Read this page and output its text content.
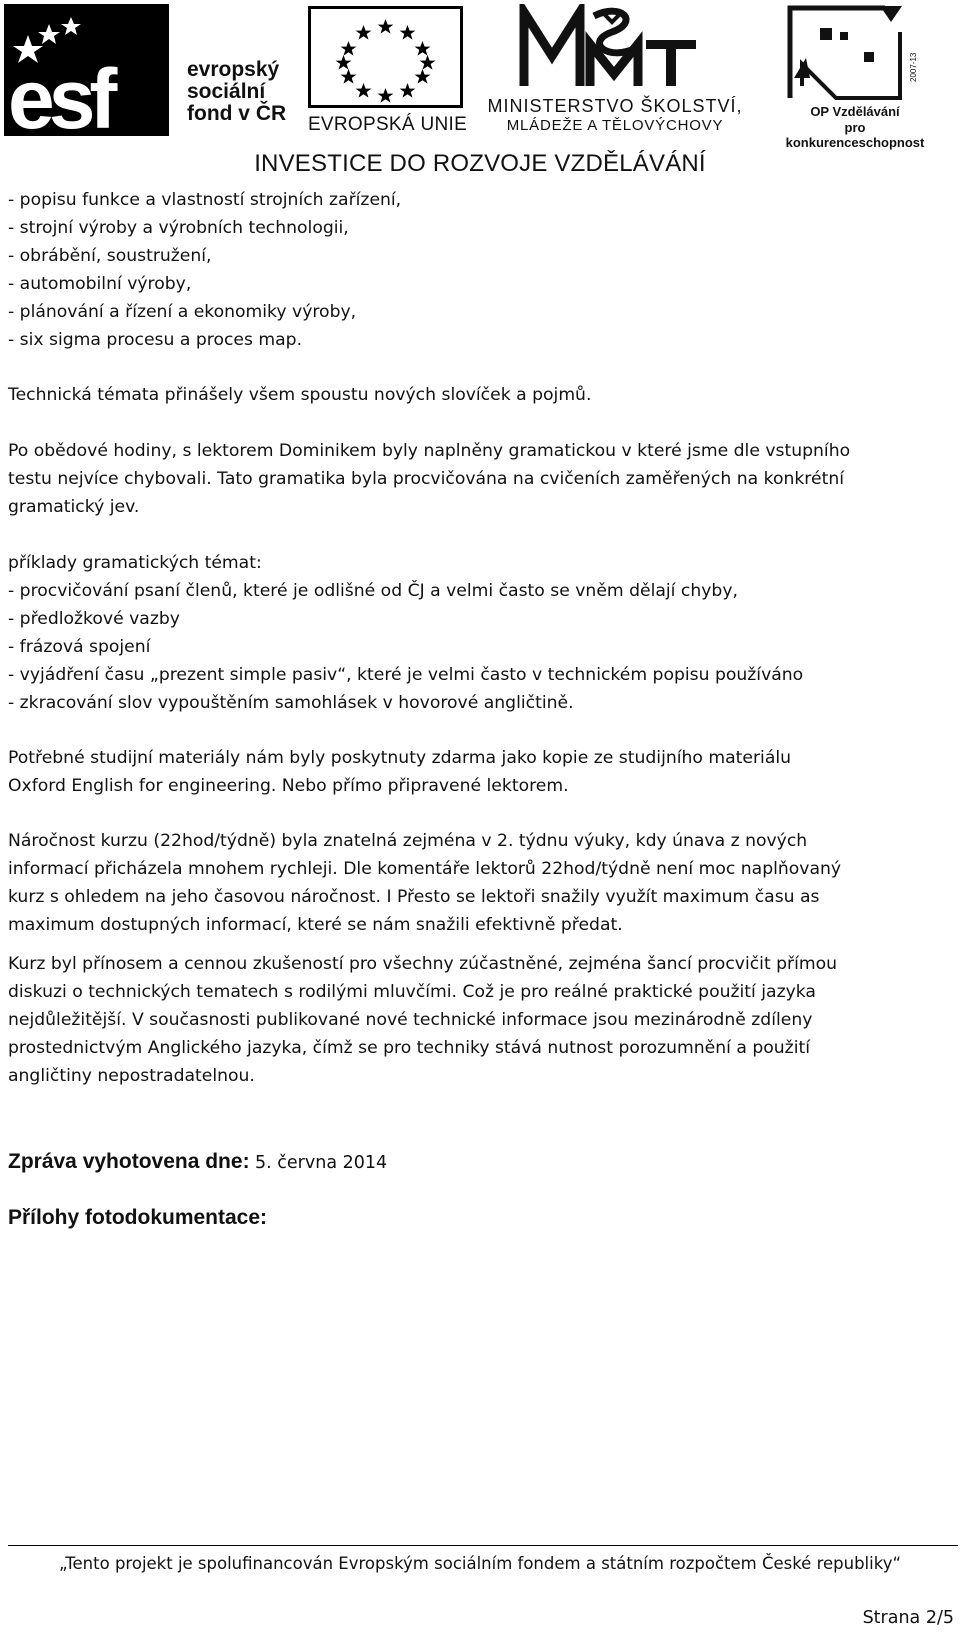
esf	evropský
sociální
fond v ČR EVROPSKÁ UNIE
MINISTERSTVO ŠKOLSTVÍ,
MLÁDEŽE A TĚLOVÝCHOVY
2007-13
OP Vzdělávání
pro konkurenceschopnost
INVESTICE DO ROZVOJE VZDĚLÁVÁNÍ
- popisu funkce a vlastností strojních zařízení,
- strojní výroby a výrobních technologii,
- obrábění, soustružení,
- automobilní výroby,
- plánování a řízení a ekonomiky výroby,
- six sigma procesu a proces map.
Technická témata přinášely všem spoustu nových slovíček a pojmů.
Po obědové hodiny, s lektorem Dominikem byly naplněny gramatickou v které jsme dle vstupního
testu nejvíce chybovali. Tato gramatika byla procvičována na cvičeních zaměřených na konkrétní
gramatický jev.
příklady gramatických témat:
- procvičování psaní členů, které je odlišné od ČJ a velmi často se vněm dělají chyby,
- předložkové vazby
- frázová spojení
- vyjádření času „prezent simple pasiv“, které je velmi často v technickém popisu používáno
- zkracování slov vypouštěním samohlásek v hovorové angličtině.
Potřebné studijní materiály nám byly poskytnuty zdarma jako kopie ze studijního materiálu
Oxford English for engineering. Nebo přímo připravené lektorem.
Náročnost kurzu (22hod/týdně) byla znatelná zejména v 2. týdnu výuky, kdy únava z nových
informací přicházela mnohem rychleji. Dle komentáře lektorů 22hod/týdně není moc naplňovaný
kurz s ohledem na jeho časovou náročnost. I Přesto se lektoři snažily využít maximum času as
maximum dostupných informací, které se nám snažili efektivně předat.
Kurz byl přínosem a cennou zkušeností pro všechny zúčastněné, zejména šancí procvičit přímou
diskuzi o technických tematech s rodilými mluvčími. Což je pro reálné praktické použití jazyka
nejdůležitější. V současnosti publikované nové technické informace jsou mezinárodně zdíleny
prostednictvým Anglického jazyka, čímž se pro techniky stává nutnost porozumnění a použití
angličtiny nepostradatelnou.
Zpráva vyhotovena dne: 5. června 2014
Přílohy fotodokumentace:
„Tento projekt je spolufinancován Evropským sociálním fondem a státním rozpočtem České republiky“
Strana 2/5
